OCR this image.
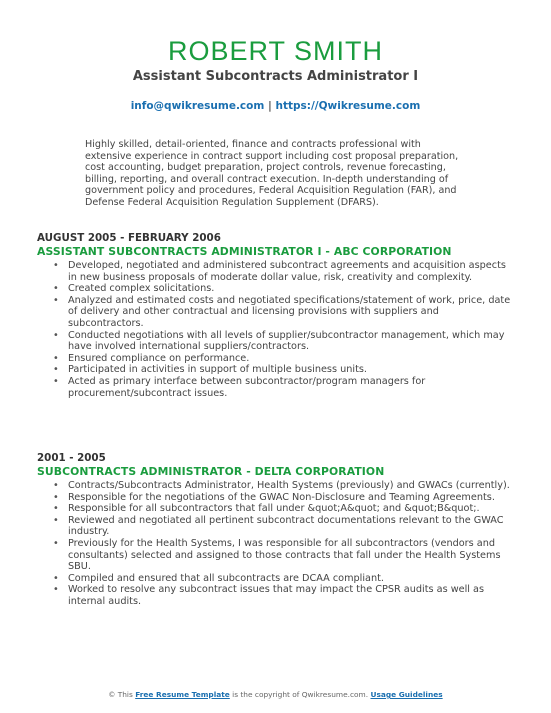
ROBERT SMITH
Assistant Subcontracts Administrator I
info@qwikresume.com | https://Qwikresume.com
Highly skilled, detail-oriented, finance and contracts professional with extensive experience in contract support including cost proposal preparation, cost accounting, budget preparation, project controls, revenue forecasting, billing, reporting, and overall contract execution. In-depth understanding of government policy and procedures, Federal Acquisition Regulation (FAR), and Defense Federal Acquisition Regulation Supplement (DFARS).
AUGUST 2005 - FEBRUARY 2006
ASSISTANT SUBCONTRACTS ADMINISTRATOR I - ABC CORPORATION
• Developed, negotiated and administered subcontract agreements and acquisition aspects in new business proposals of moderate dollar value, risk, creativity and complexity.
• Created complex solicitations.
• Analyzed and estimated costs and negotiated specifications/statement of work, price, date of delivery and other contractual and licensing provisions with suppliers and subcontractors.
• Conducted negotiations with all levels of supplier/subcontractor management, which may have involved international suppliers/contractors.
• Ensured compliance on performance.
• Participated in activities in support of multiple business units.
• Acted as primary interface between subcontractor/program managers for procurement/subcontract issues.
2001 - 2005
SUBCONTRACTS ADMINISTRATOR - DELTA CORPORATION
• Contracts/Subcontracts Administrator, Health Systems (previously) and GWACs (currently).
• Responsible for the negotiations of the GWAC Non-Disclosure and Teaming Agreements.
• Responsible for all subcontractors that fall under &quot;A&quot; and &quot;B&quot;.
• Reviewed and negotiated all pertinent subcontract documentations relevant to the GWAC industry.
• Previously for the Health Systems, I was responsible for all subcontractors (vendors and consultants) selected and assigned to those contracts that fall under the Health Systems SBU.
• Compiled and ensured that all subcontracts are DCAA compliant.
• Worked to resolve any subcontract issues that may impact the CPSR audits as well as internal audits.
© This Free Resume Template is the copyright of Qwikresume.com. Usage Guidelines
